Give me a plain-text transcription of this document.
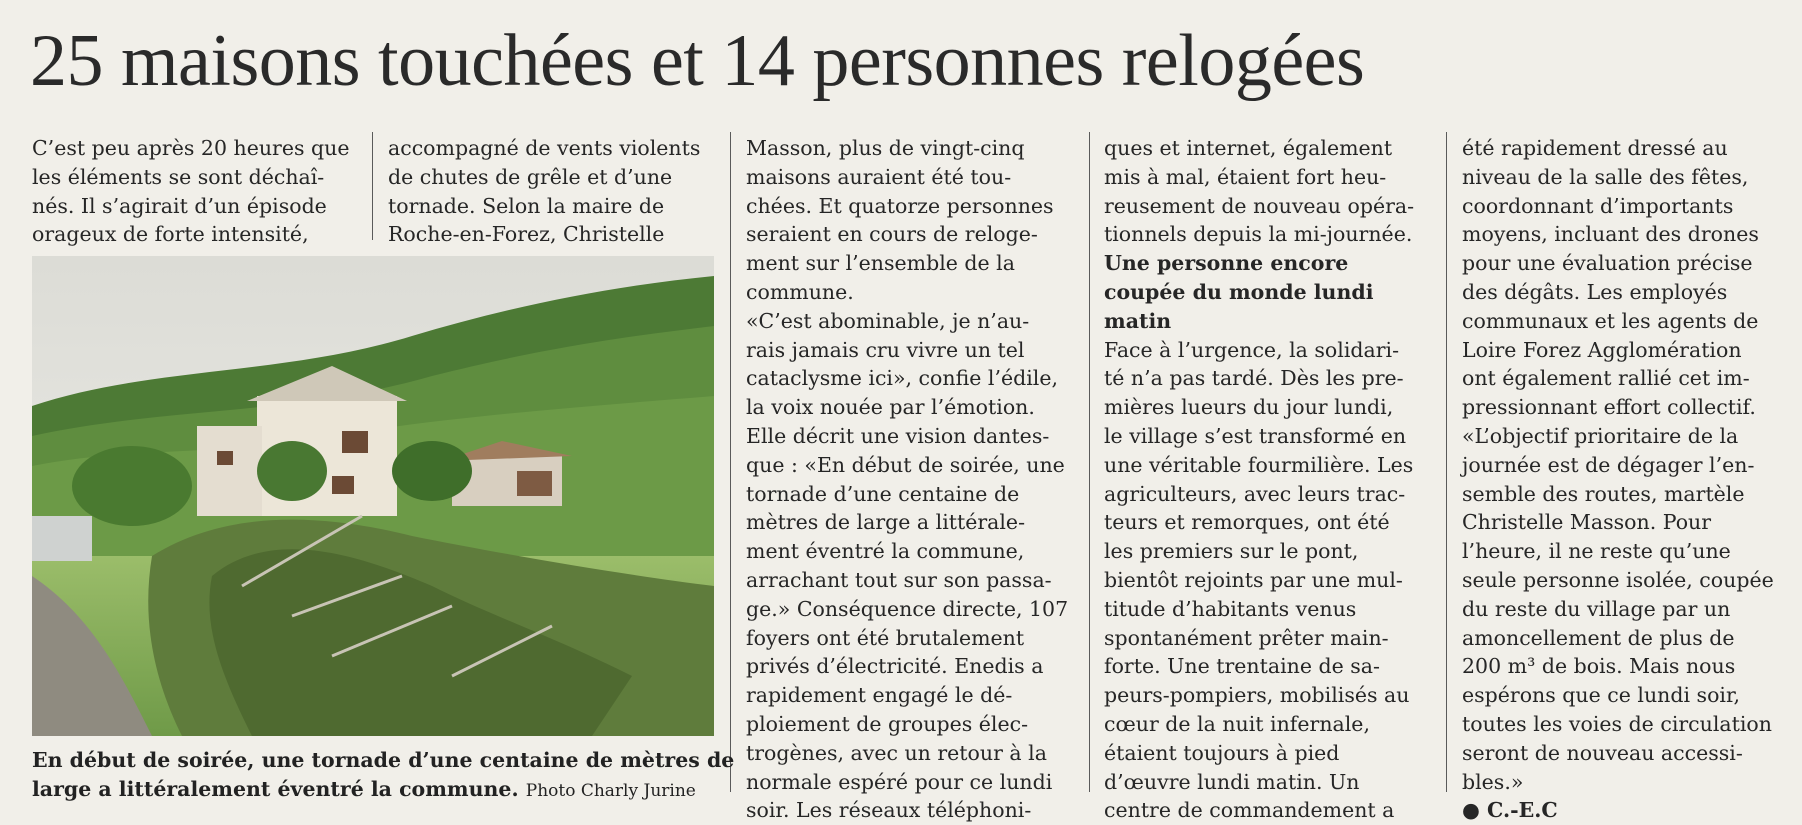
25 maisons touchées et 14 personnes relogées
C’est peu après 20 heures que
les éléments se sont déchaî-
nés. Il s’agirait d’un épisode
orageux de forte intensité,
accompagné de vents violents
de chutes de grêle et d’une
tornade. Selon la maire de
Roche-en-Forez, Christelle
Masson, plus de vingt-cinq
maisons auraient été tou-
chées. Et quatorze personnes
seraient en cours de reloge-
ment sur l’ensemble de la
commune.
«C’est abominable, je n’au-
rais jamais cru vivre un tel
cataclysme ici», confie l’édile,
la voix nouée par l’émotion.
Elle décrit une vision dantes-
que : «En début de soirée, une
tornade d’une centaine de
mètres de large a littérale-
ment éventré la commune,
arrachant tout sur son passa-
ge.» Conséquence directe, 107
foyers ont été brutalement
privés d’électricité. Enedis a
rapidement engagé le dé-
ploiement de groupes élec-
trogènes, avec un retour à la
normale espéré pour ce lundi
soir. Les réseaux téléphoni-
ques et internet, également
mis à mal, étaient fort heu-
reusement de nouveau opéra-
tionnels depuis la mi-journée.
Une personne encore
coupée du monde lundi
matin
Face à l’urgence, la solidari-
té n’a pas tardé. Dès les pre-
mières lueurs du jour lundi,
le village s’est transformé en
une véritable fourmilière. Les
agriculteurs, avec leurs trac-
teurs et remorques, ont été
les premiers sur le pont,
bientôt rejoints par une mul-
titude d’habitants venus
spontanément prêter main-
forte. Une trentaine de sa-
peurs-pompiers, mobilisés au
cœur de la nuit infernale,
étaient toujours à pied
d’œuvre lundi matin. Un
centre de commandement a
été rapidement dressé au
niveau de la salle des fêtes,
coordonnant d’importants
moyens, incluant des drones
pour une évaluation précise
des dégâts. Les employés
communaux et les agents de
Loire Forez Agglomération
ont également rallié cet im-
pressionnant effort collectif.
«L’objectif prioritaire de la
journée est de dégager l’en-
semble des routes, martèle
Christelle Masson. Pour
l’heure, il ne reste qu’une
seule personne isolée, coupée
du reste du village par un
amoncellement de plus de
200 m³ de bois. Mais nous
espérons que ce lundi soir,
toutes les voies de circulation
seront de nouveau accessi-
bles.»
● C.-E.C
En début de soirée, une tornade d’une centaine de mètres de
large a littéralement éventré la commune. Photo Charly Jurine
